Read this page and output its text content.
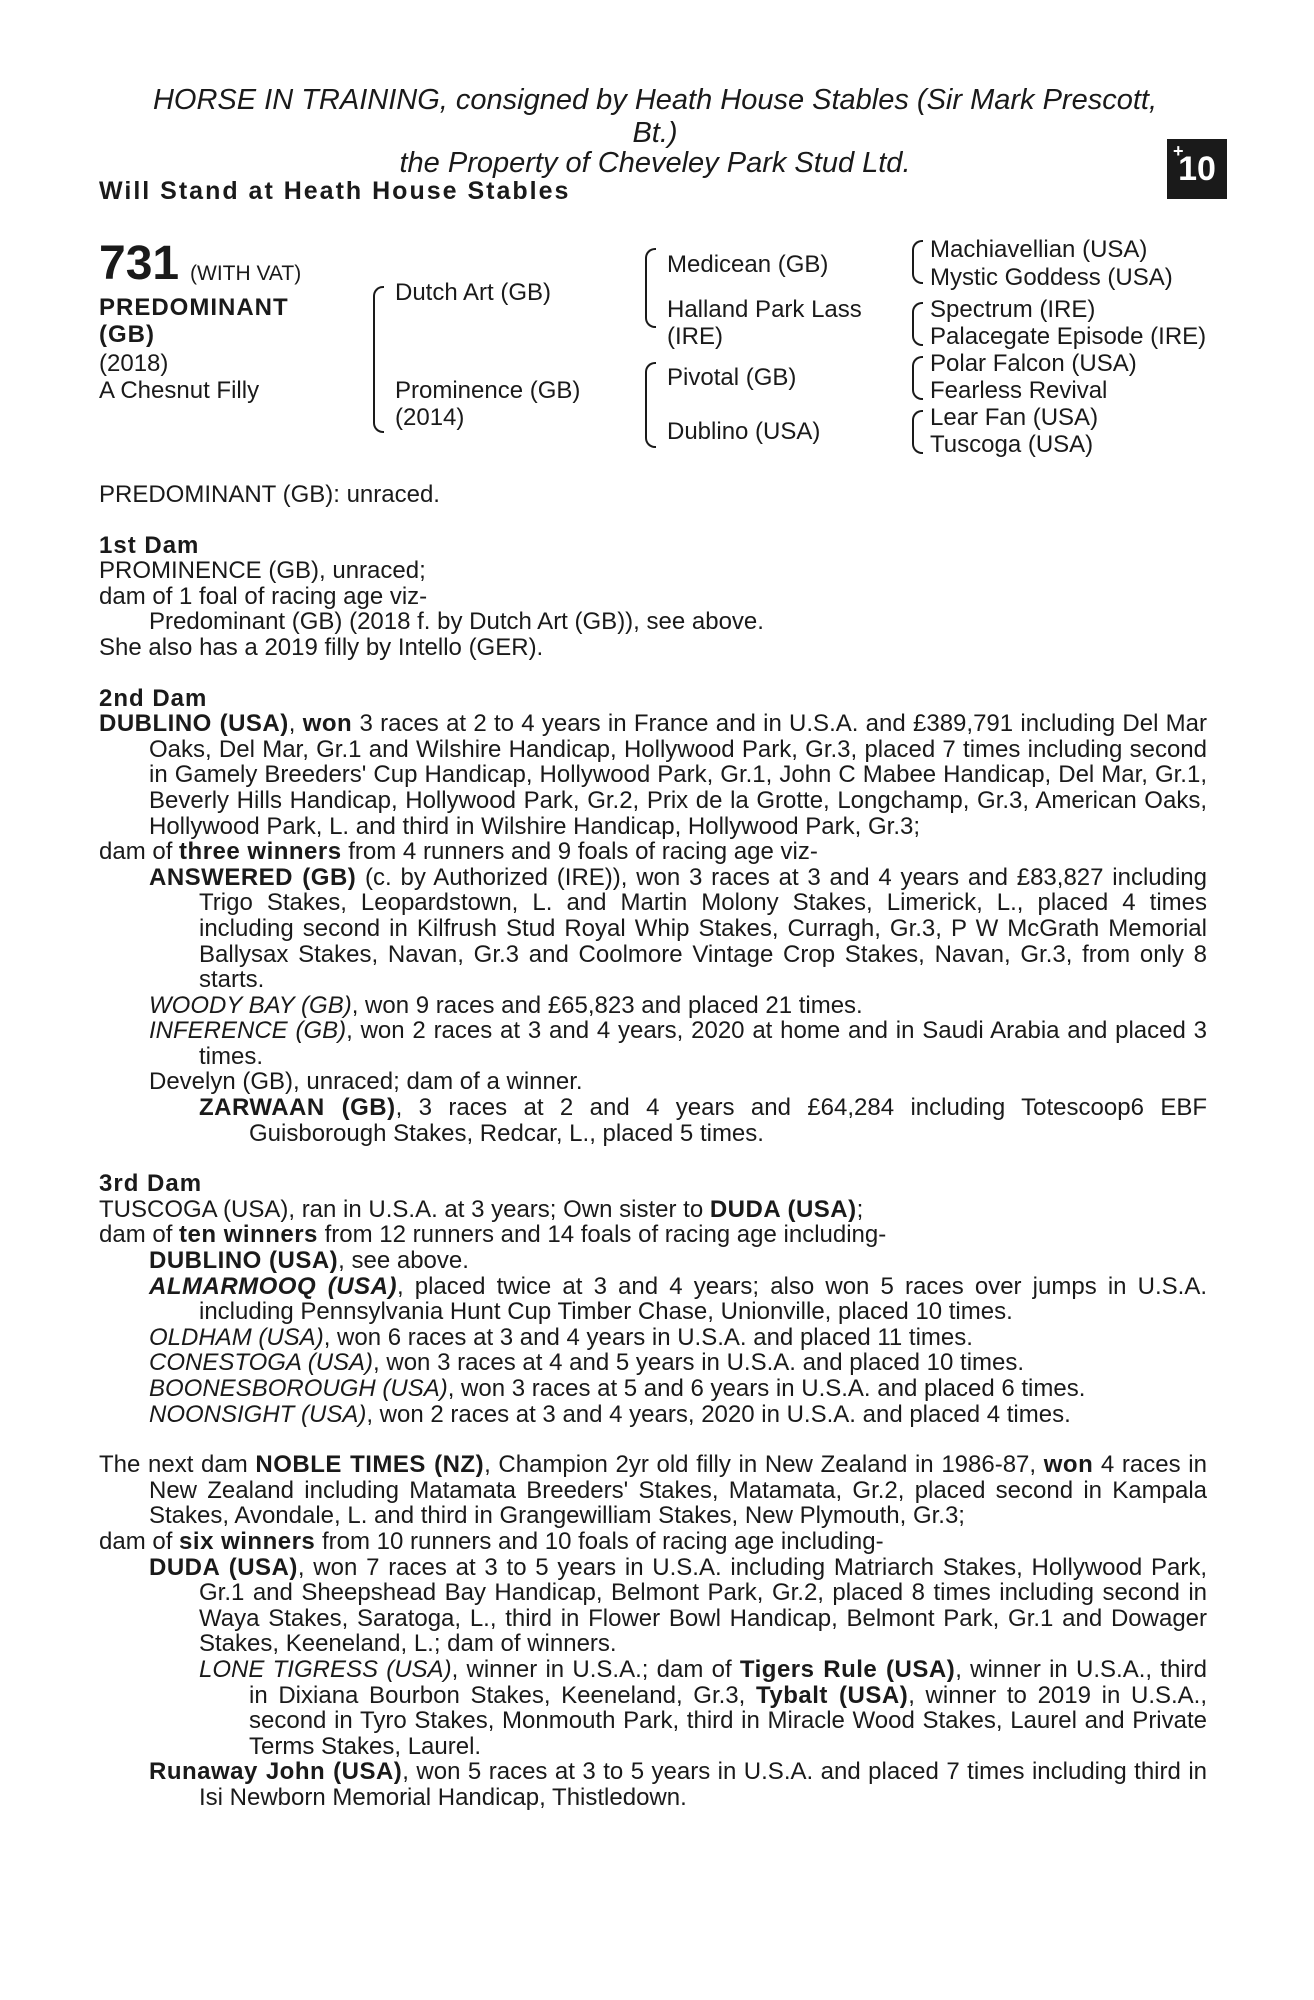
HORSE IN TRAINING, consigned by Heath House Stables (Sir Mark Prescott,
Bt.)
the Property of Cheveley Park Stud Ltd.
Will Stand at Heath House Stables
+
10
731 (WITH VAT)
PREDOMINANT
(GB)
(2018)
A Chesnut Filly
Dutch Art (GB)
Prominence (GB)
(2014)
Medicean (GB)
Halland Park Lass
(IRE)
Pivotal (GB)
Dublino (USA)
Machiavellian (USA)
Mystic Goddess (USA)
Spectrum (IRE)
Palacegate Episode (IRE)
Polar Falcon (USA)
Fearless Revival
Lear Fan (USA)
Tuscoga (USA)

PREDOMINANT (GB): unraced.

1st Dam

PROMINENCE (GB), unraced;

dam of 1 foal of racing age viz-

Predominant (GB) (2018 f. by Dutch Art (GB)), see above.

She also has a 2019 filly by Intello (GER).

2nd Dam

DUBLINO (USA), won 3 races at 2 to 4 years in France and in U.S.A. and £389,791 including Del Mar Oaks, Del Mar, Gr.1 and Wilshire Handicap, Hollywood Park, Gr.3, placed 7 times including second in Gamely Breeders' Cup Handicap, Hollywood Park, Gr.1, John C Mabee Handicap, Del Mar, Gr.1, Beverly Hills Handicap, Hollywood Park, Gr.2, Prix de la Grotte, Longchamp, Gr.3, American Oaks, Hollywood Park, L. and third in Wilshire Handicap, Hollywood Park, Gr.3;

dam of three winners from 4 runners and 9 foals of racing age viz-

ANSWERED (GB) (c. by Authorized (IRE)), won 3 races at 3 and 4 years and £83,827 including Trigo Stakes, Leopardstown, L. and Martin Molony Stakes, Limerick, L., placed 4 times including second in Kilfrush Stud Royal Whip Stakes, Curragh, Gr.3, P W McGrath Memorial Ballysax Stakes, Navan, Gr.3 and Coolmore Vintage Crop Stakes, Navan, Gr.3, from only 8 starts.

WOODY BAY (GB), won 9 races and £65,823 and placed 21 times.

INFERENCE (GB), won 2 races at 3 and 4 years, 2020 at home and in Saudi Arabia and placed 3 times.

Develyn (GB), unraced; dam of a winner.

ZARWAAN (GB), 3 races at 2 and 4 years and £64,284 including Totescoop6 EBF Guisborough Stakes, Redcar, L., placed 5 times.

3rd Dam

TUSCOGA (USA), ran in U.S.A. at 3 years; Own sister to DUDA (USA);

dam of ten winners from 12 runners and 14 foals of racing age including-

DUBLINO (USA), see above.

ALMARMOOQ (USA), placed twice at 3 and 4 years; also won 5 races over jumps in U.S.A. including Pennsylvania Hunt Cup Timber Chase, Unionville, placed 10 times.

OLDHAM (USA), won 6 races at 3 and 4 years in U.S.A. and placed 11 times.

CONESTOGA (USA), won 3 races at 4 and 5 years in U.S.A. and placed 10 times.

BOONESBOROUGH (USA), won 3 races at 5 and 6 years in U.S.A. and placed 6 times.

NOONSIGHT (USA), won 2 races at 3 and 4 years, 2020 in U.S.A. and placed 4 times.

The next dam NOBLE TIMES (NZ), Champion 2yr old filly in New Zealand in 1986-87, won 4 races in New Zealand including Matamata Breeders' Stakes, Matamata, Gr.2, placed second in Kampala Stakes, Avondale, L. and third in Grangewilliam Stakes, New Plymouth, Gr.3;

dam of six winners from 10 runners and 10 foals of racing age including-

DUDA (USA), won 7 races at 3 to 5 years in U.S.A. including Matriarch Stakes, Hollywood Park, Gr.1 and Sheepshead Bay Handicap, Belmont Park, Gr.2, placed 8 times including second in Waya Stakes, Saratoga, L., third in Flower Bowl Handicap, Belmont Park, Gr.1 and Dowager Stakes, Keeneland, L.; dam of winners.

LONE TIGRESS (USA), winner in U.S.A.; dam of Tigers Rule (USA), winner in U.S.A., third in Dixiana Bourbon Stakes, Keeneland, Gr.3, Tybalt (USA), winner to 2019 in U.S.A., second in Tyro Stakes, Monmouth Park, third in Miracle Wood Stakes, Laurel and Private Terms Stakes, Laurel.

Runaway John (USA), won 5 races at 3 to 5 years in U.S.A. and placed 7 times including third in Isi Newborn Memorial Handicap, Thistledown.
